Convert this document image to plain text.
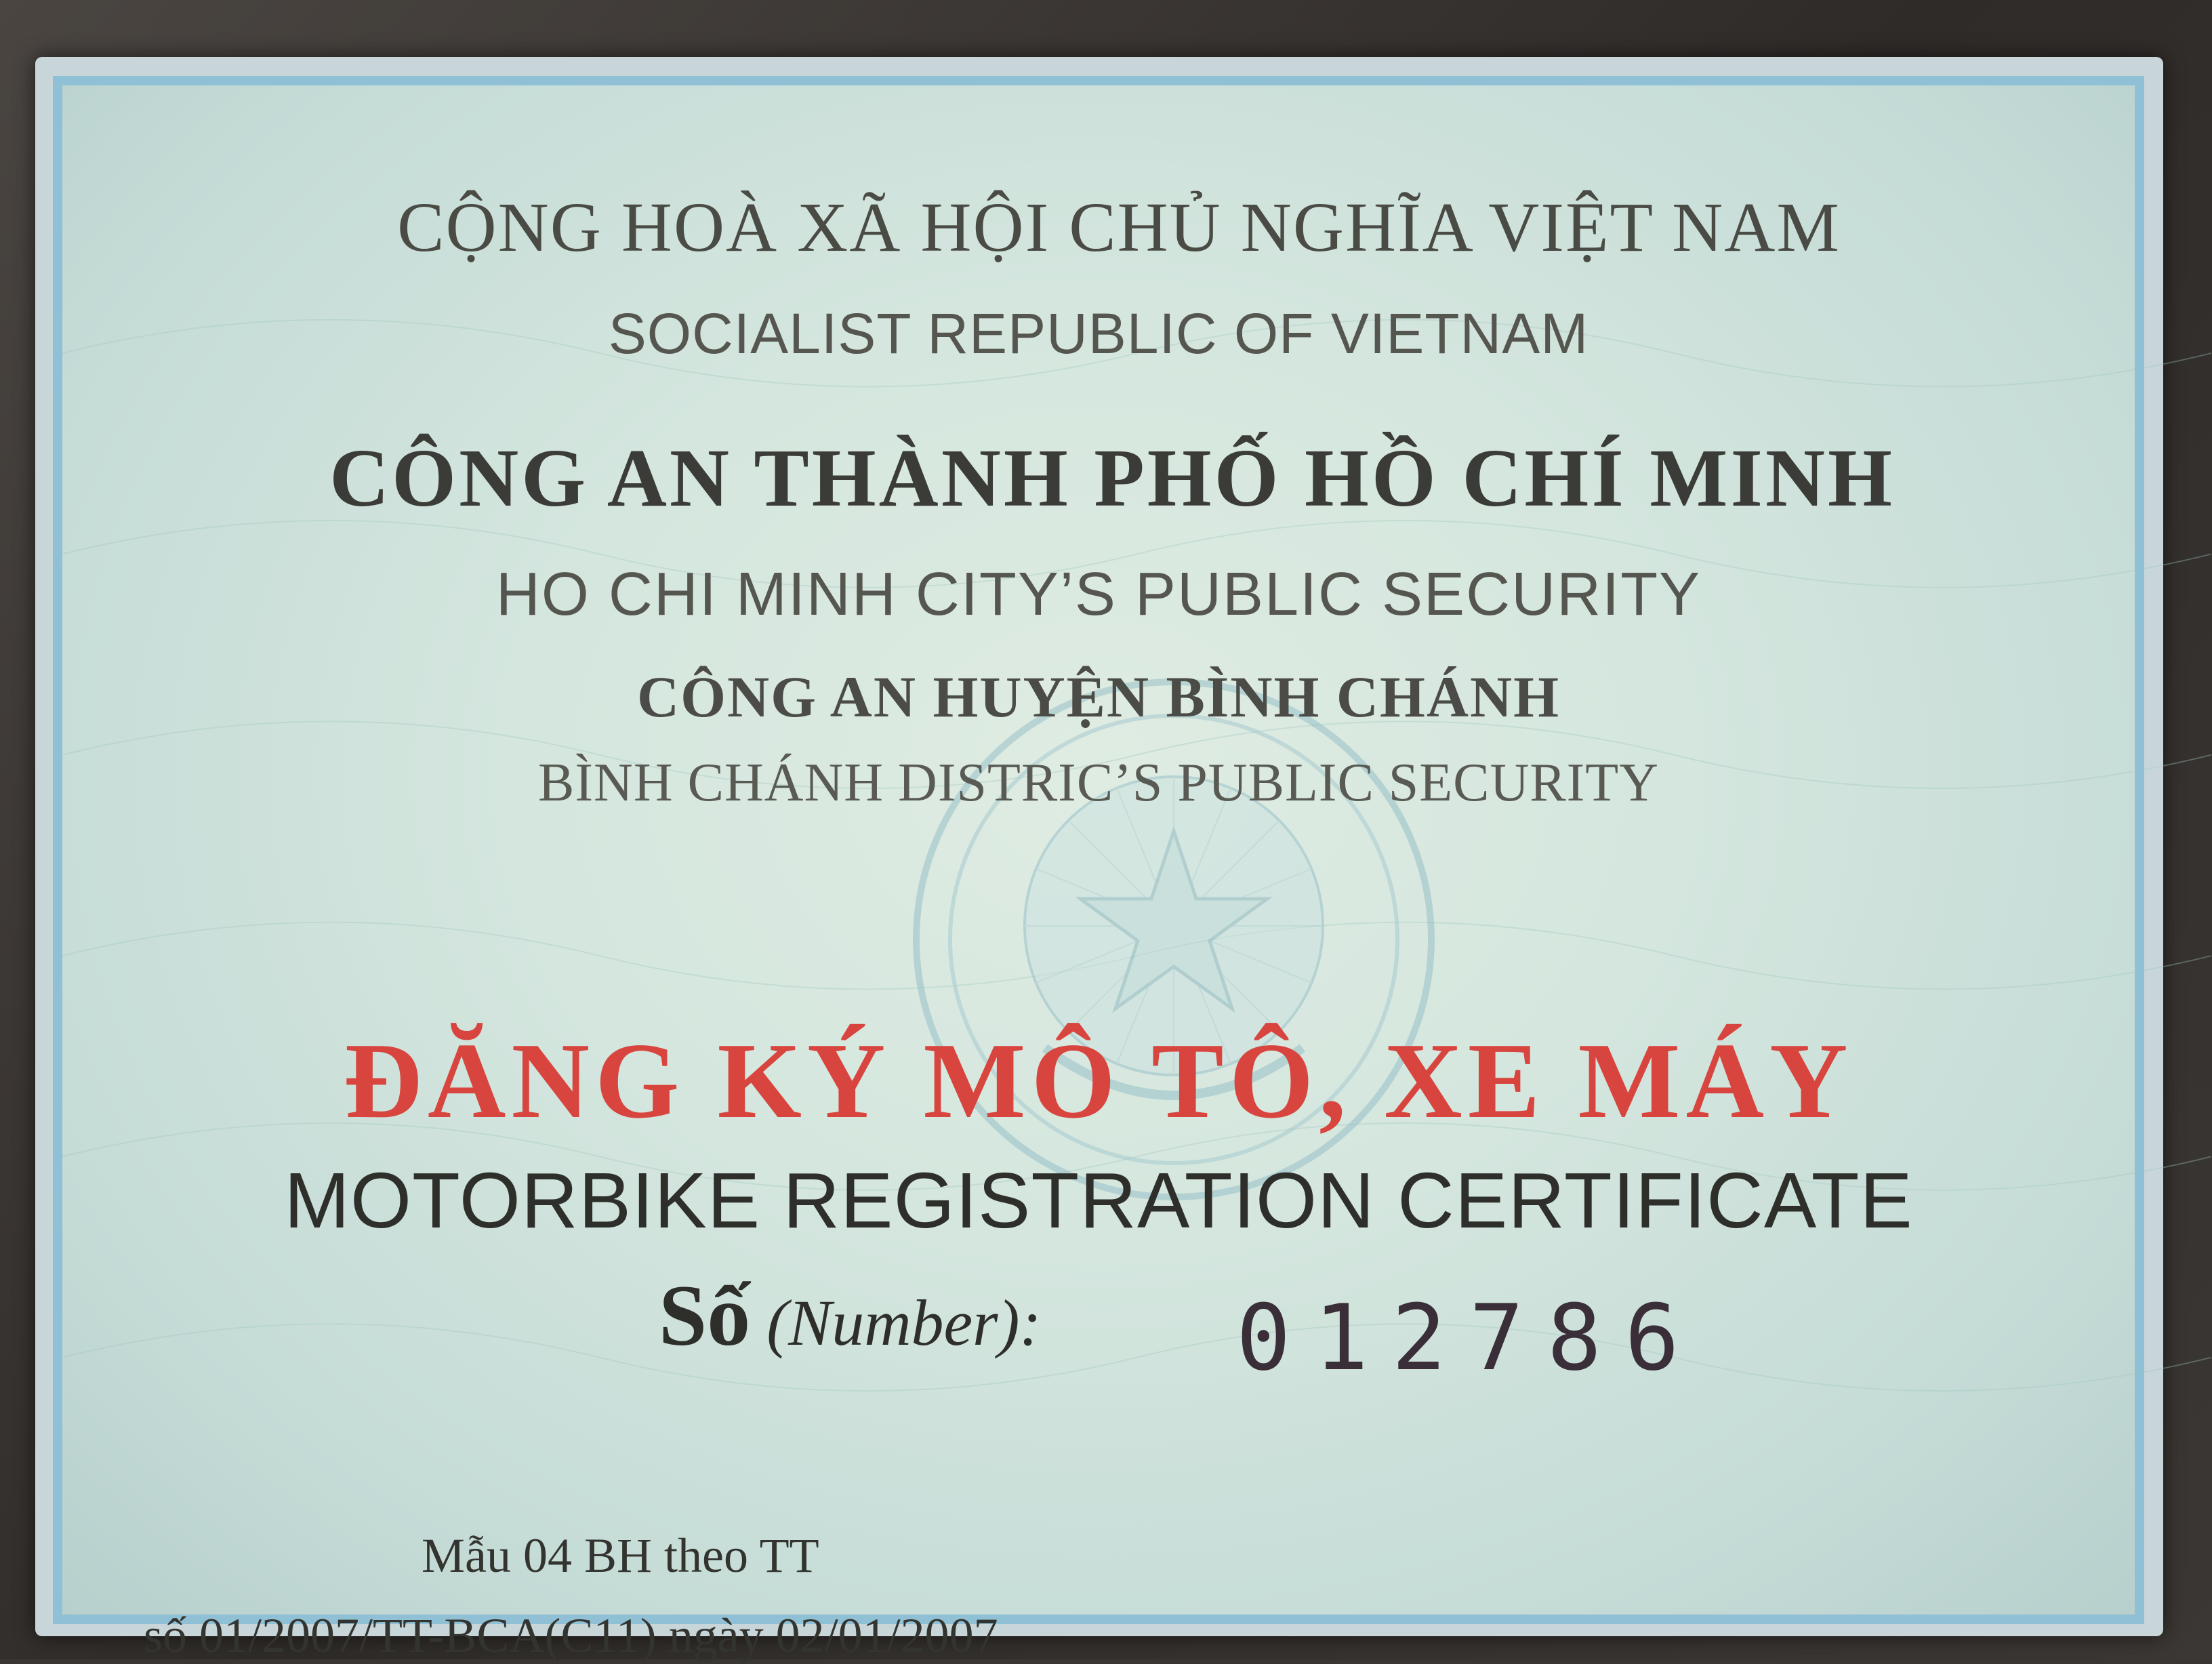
CỘNG HOÀ XÃ HỘI CHỦ NGHĨA VIỆT NAM
SOCIALIST REPUBLIC OF VIETNAM
CÔNG AN THÀNH PHỐ HỒ CHÍ MINH
HO CHI MINH CITY’S PUBLIC SECURITY
CÔNG AN HUYỆN BÌNH CHÁNH
BÌNH CHÁNH DISTRIC’S PUBLIC SECURITY
ĐĂNG KÝ MÔ TÔ, XE MÁY
MOTORBIKE REGISTRATION CERTIFICATE
Số (Number): 012786
Mẫu 04 BH theo TT
số 01/2007/TT-BCA(C11) ngày 02/01/2007
